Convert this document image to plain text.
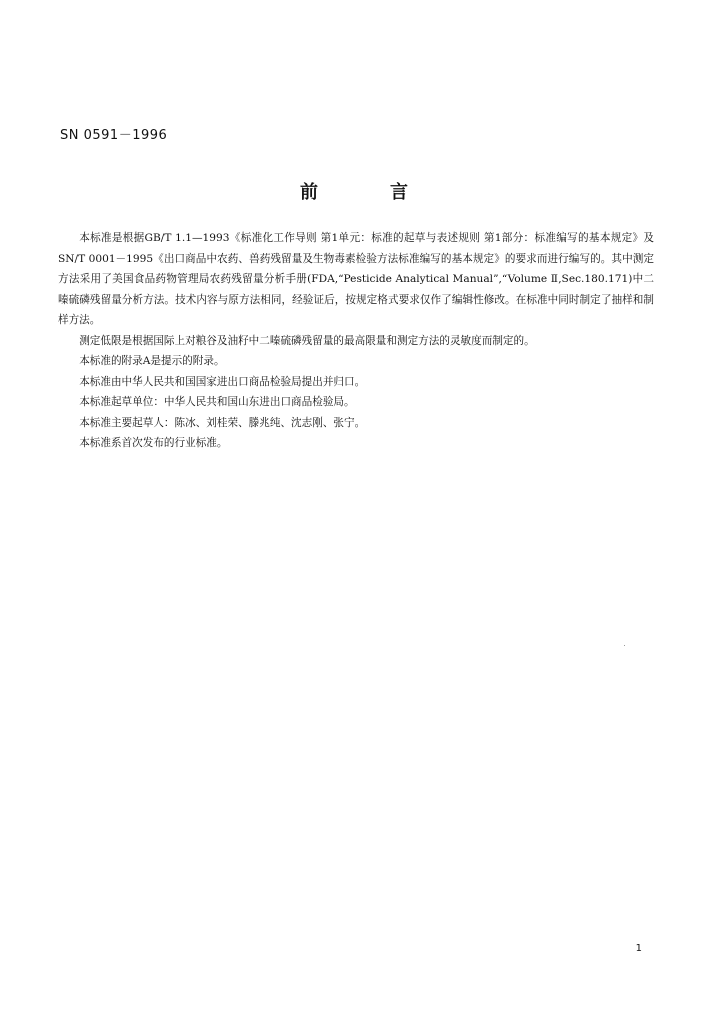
SN 0591－1996
前	言

本标准是根据GB/T 1.1—1993《标准化工作导则 第1单元：标准的起草与表述规则 第1部分：标准编写的基本规定》及SN/T 0001－1995《出口商品中农药、兽药残留量及生物毒素检验方法标准编写的基本规定》的要求而进行编写的。其中测定方法采用了美国食品药物管理局农药残留量分析手册(FDA,“Pesticide Analytical Manual”,“Volume Ⅱ,Sec.180.171)中二嗪硫磷残留量分析方法。技术内容与原方法相同，经验证后，按规定格式要求仅作了编辑性修改。在标准中同时制定了抽样和制样方法。

测定低限是根据国际上对粮谷及油籽中二嗪硫磷残留量的最高限量和测定方法的灵敏度而制定的。

本标准的附录A是提示的附录。

本标准由中华人民共和国国家进出口商品检验局提出并归口。

本标准起草单位：中华人民共和国山东进出口商品检验局。

本标准主要起草人：陈冰、刘桂荣、滕兆纯、沈志刚、张宁。

本标准系首次发布的行业标准。

1
